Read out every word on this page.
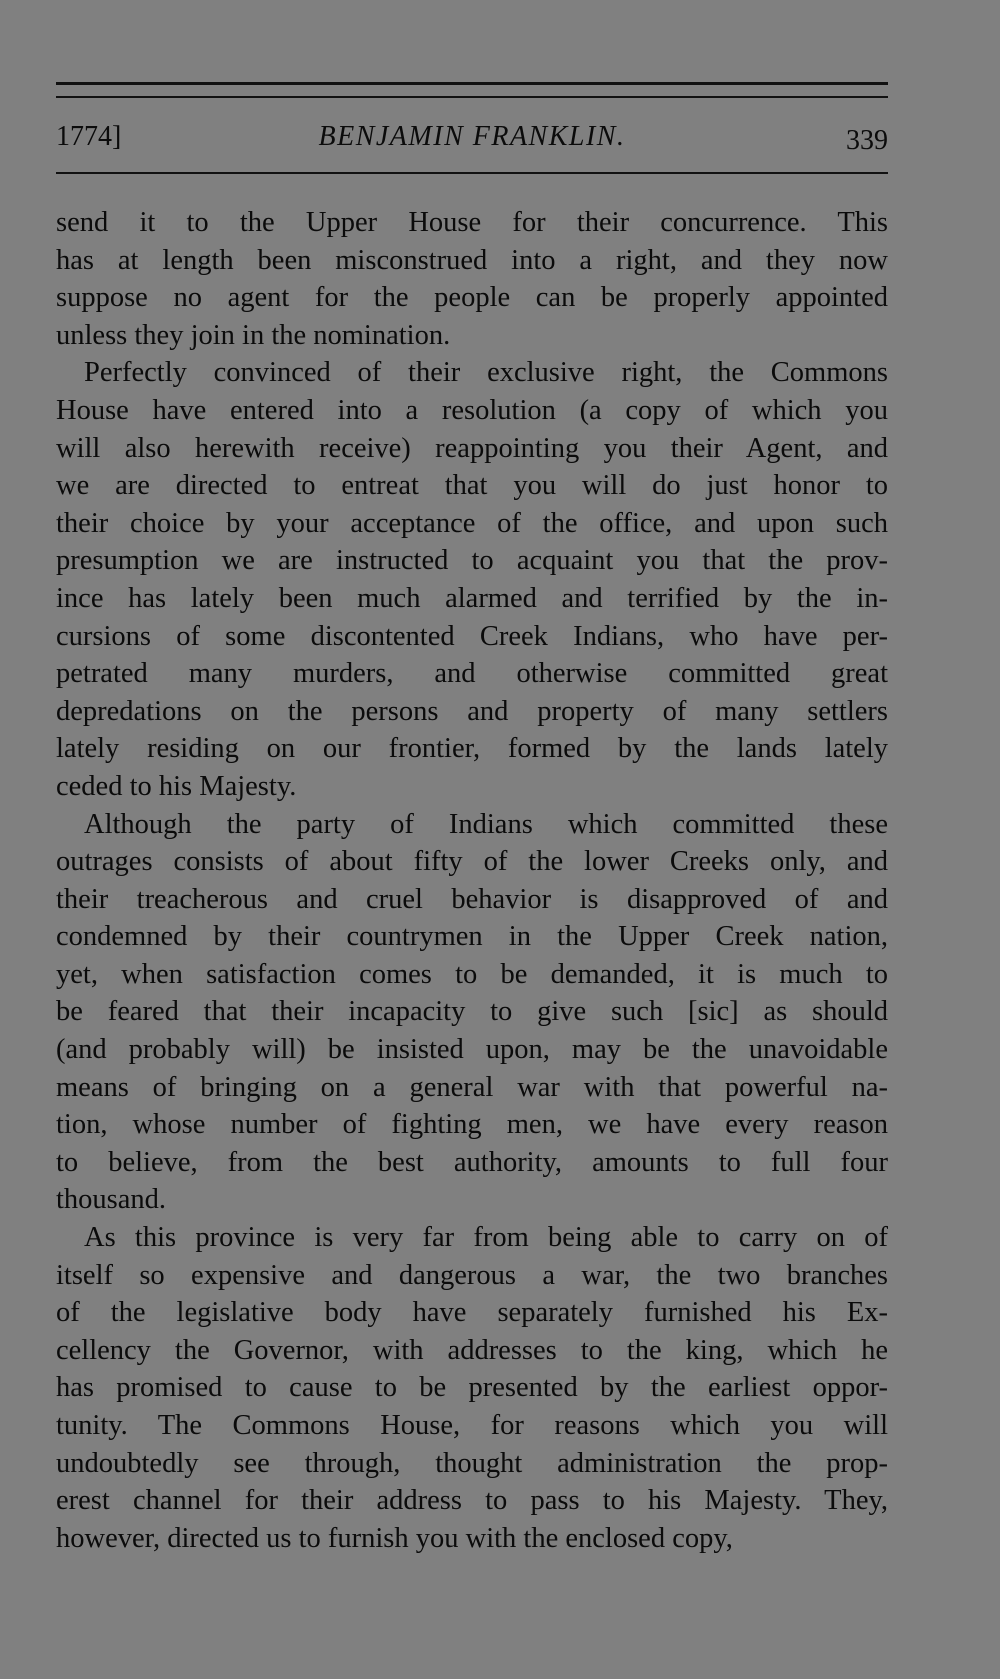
1774]	BENJAMIN FRANKLIN.	339
send it to the Upper House for their concurrence. This
has at length been misconstrued into a right, and they now
suppose no agent for the people can be properly appointed
unless they join in the nomination.
Perfectly convinced of their exclusive right, the Commons
House have entered into a resolution (a copy of which you
will also herewith receive) reappointing you their Agent, and
we are directed to entreat that you will do just honor to
their choice by your acceptance of the office, and upon such
presumption we are instructed to acquaint you that the prov-
ince has lately been much alarmed and terrified by the in-
cursions of some discontented Creek Indians, who have per-
petrated many murders, and otherwise committed great
depredations on the persons and property of many settlers
lately residing on our frontier, formed by the lands lately
ceded to his Majesty.
Although the party of Indians which committed these
outrages consists of about fifty of the lower Creeks only, and
their treacherous and cruel behavior is disapproved of and
condemned by their countrymen in the Upper Creek nation,
yet, when satisfaction comes to be demanded, it is much to
be feared that their incapacity to give such [sic] as should
(and probably will) be insisted upon, may be the unavoidable
means of bringing on a general war with that powerful na-
tion, whose number of fighting men, we have every reason
to believe, from the best authority, amounts to full four
thousand.
As this province is very far from being able to carry on of
itself so expensive and dangerous a war, the two branches
of the legislative body have separately furnished his Ex-
cellency the Governor, with addresses to the king, which he
has promised to cause to be presented by the earliest oppor-
tunity. The Commons House, for reasons which you will
undoubtedly see through, thought administration the prop-
erest channel for their address to pass to his Majesty. They,
however, directed us to furnish you with the enclosed copy,
